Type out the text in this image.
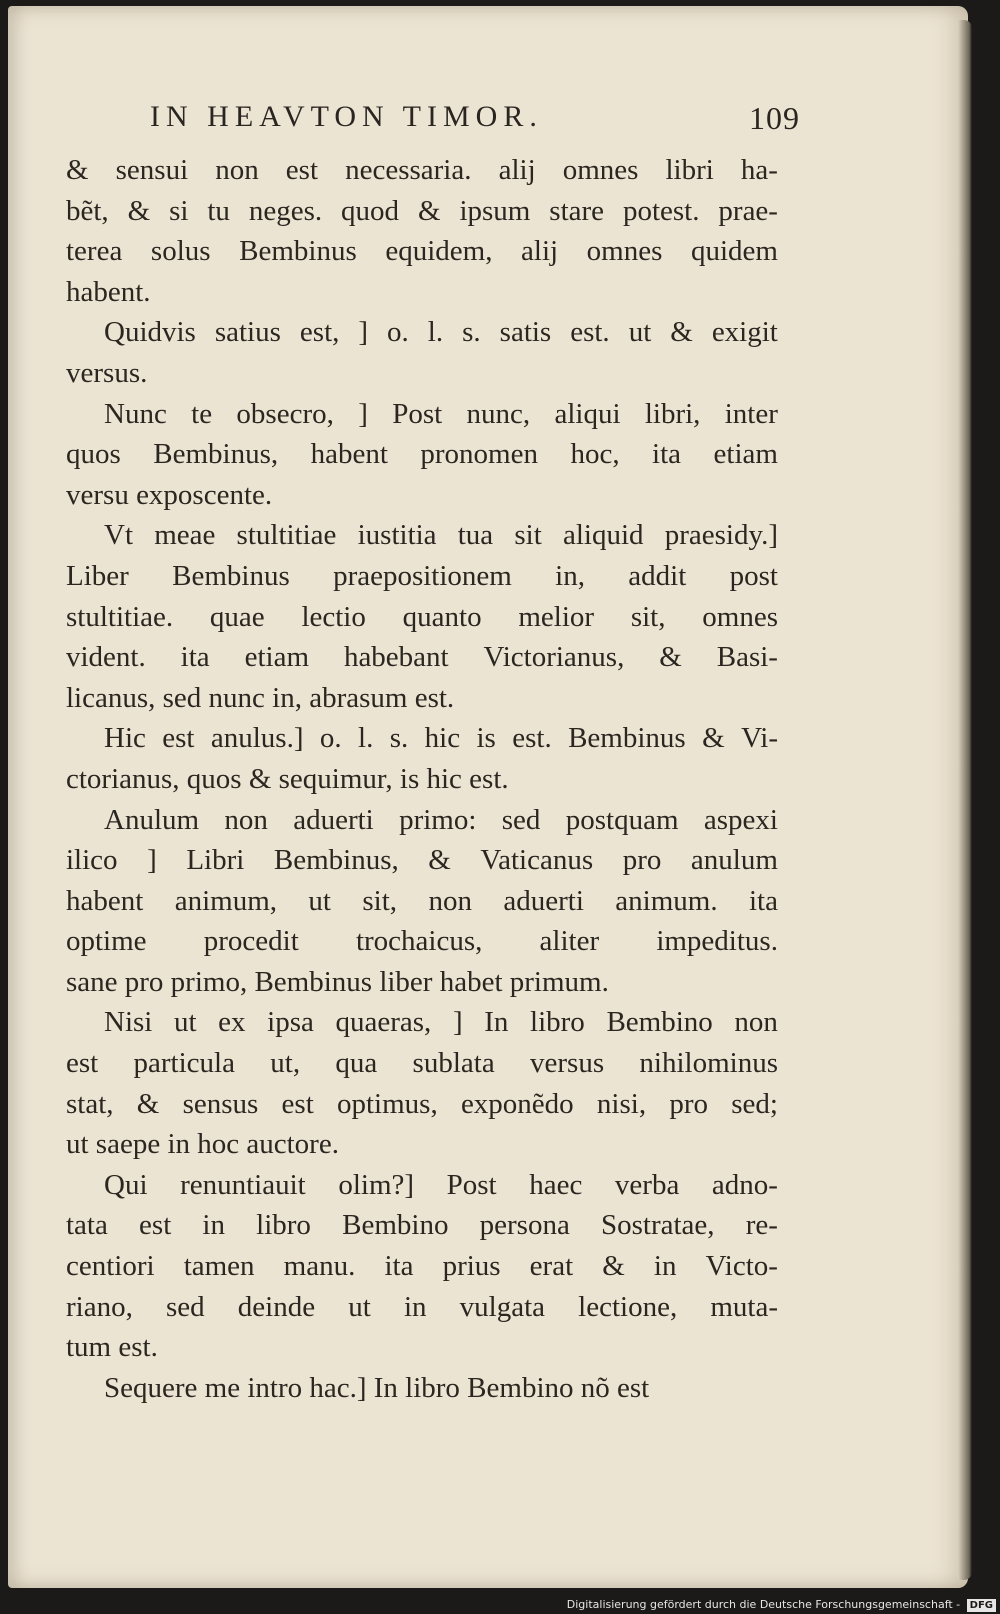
IN HEAVTON TIMOR.	109
& sensui non est necessaria. alij omnes libri ha-
bẽt, & si tu neges. quod & ipsum stare potest. prae-
terea solus Bembinus equidem, alij omnes quidem
habent.
Quidvis satius est, ] o. l. s. satis est. ut & exigit
versus.
Nunc te obsecro, ] Post nunc, aliqui libri, inter
quos Bembinus, habent pronomen hoc, ita etiam
versu exposcente.
Vt meae stultitiae iustitia tua sit aliquid praesidy.]
Liber Bembinus praepositionem in, addit post
stultitiae. quae lectio quanto melior sit, omnes
vident. ita etiam habebant Victorianus, & Basi-
licanus, sed nunc in, abrasum est.
Hic est anulus.] o. l. s. hic is est. Bembinus & Vi-
ctorianus, quos & sequimur, is hic est.
Anulum non aduerti primo: sed postquam aspexi
ilico ] Libri Bembinus, & Vaticanus pro anulum
habent animum, ut sit, non aduerti animum. ita
optime procedit trochaicus, aliter impeditus.
sane pro primo, Bembinus liber habet primum.
Nisi ut ex ipsa quaeras, ] In libro Bembino non
est particula ut, qua sublata versus nihilominus
stat, & sensus est optimus, exponẽdo nisi, pro sed;
ut saepe in hoc auctore.
Qui renuntiauit olim?] Post haec verba adno-
tata est in libro Bembino persona Sostratae, re-
centiori tamen manu. ita prius erat & in Victo-
riano, sed deinde ut in vulgata lectione, muta-
tum est.
Sequere me intro hac.] In libro Bembino nõ est
Digitalisierung gefördert durch die Deutsche Forschungsgemeinschaft - DFG
